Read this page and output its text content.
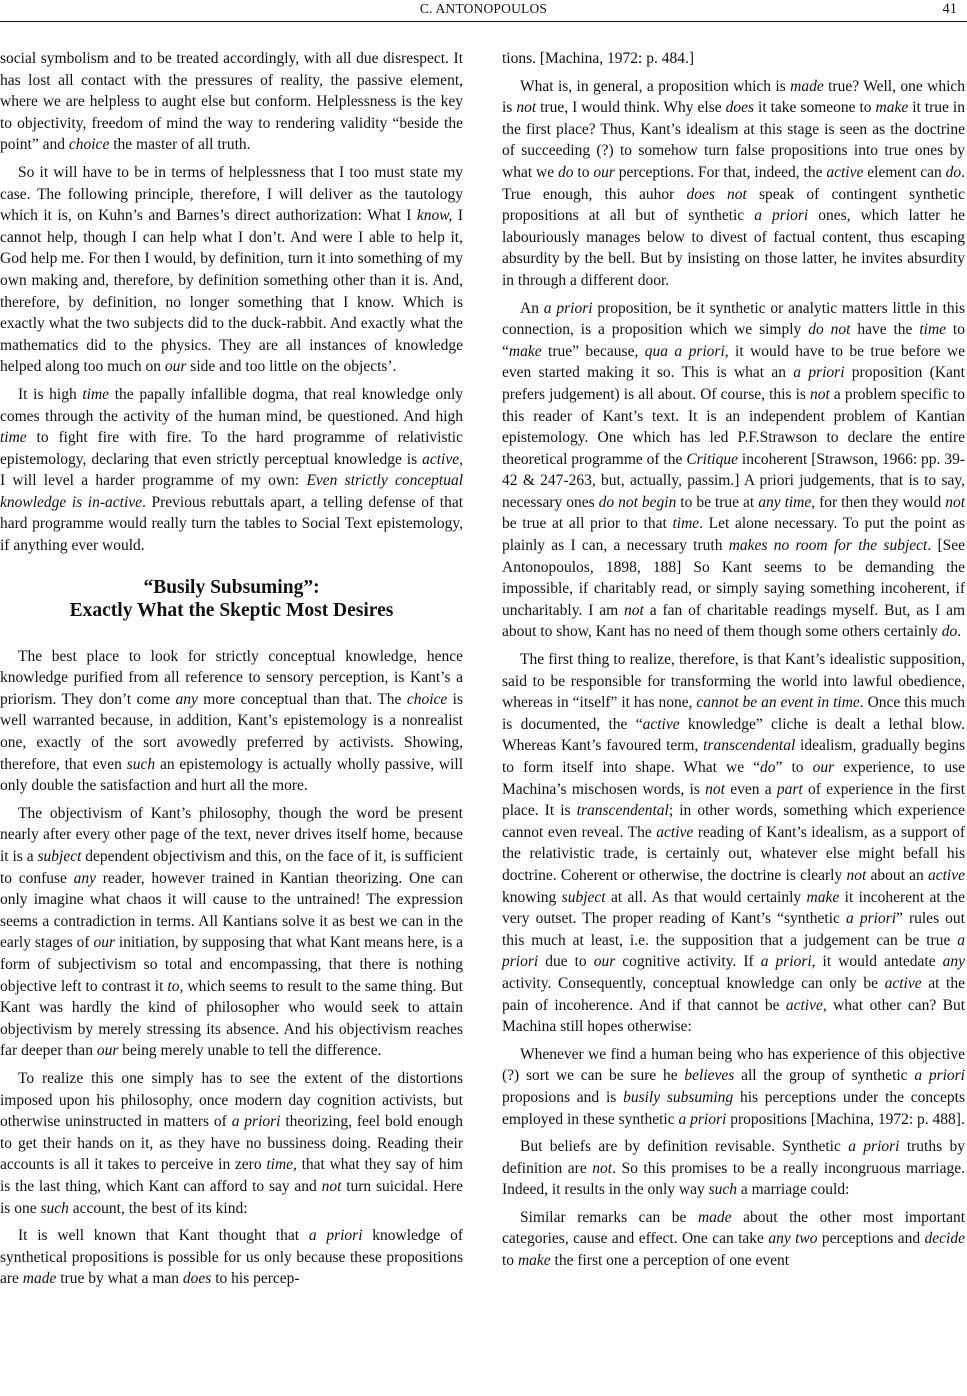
C. ANTONOPOULOS	41

social symbolism and to be treated accordingly, with all due disrespect. It has lost all contact with the pressures of reality, the passive element, where we are helpless to aught else but conform. Helplessness is the key to objectivity, freedom of mind the way to rendering validity “beside the point” and choice the master of all truth.

So it will have to be in terms of helplessness that I too must state my case. The following principle, therefore, I will deliver as the tautology which it is, on Kuhn’s and Barnes’s direct authorization: What I know, I cannot help, though I can help what I don’t. And were I able to help it, God help me. For then I would, by definition, turn it into something of my own making and, therefore, by definition something other than it is. And, therefore, by definition, no longer something that I know. Which is exactly what the two subjects did to the duck-rabbit. And exactly what the mathematics did to the physics. They are all instances of knowledge helped along too much on our side and too little on the objects’.

It is high time the papally infallible dogma, that real knowledge only comes through the activity of the human mind, be questioned. And high time to fight fire with fire. To the hard programme of relativistic epistemology, declaring that even strictly perceptual knowledge is active, I will level a harder programme of my own: Even strictly conceptual knowledge is in-active. Previous rebuttals apart, a telling defense of that hard programme would really turn the tables to Social Text epistemology, if anything ever would.

“Busily Subsuming”:
Exactly What the Skeptic Most Desires

The best place to look for strictly conceptual knowledge, hence knowledge purified from all reference to sensory perception, is Kant’s a priorism. They don’t come any more conceptual than that. The choice is well warranted because, in addition, Kant’s epistemology is a nonrealist one, exactly of the sort avowedly preferred by activists. Showing, therefore, that even such an epistemology is actually wholly passive, will only double the satisfaction and hurt all the more.

The objectivism of Kant’s philosophy, though the word be present nearly after every other page of the text, never drives itself home, because it is a subject dependent objectivism and this, on the face of it, is sufficient to confuse any reader, however trained in Kantian theorizing. One can only imagine what chaos it will cause to the untrained! The expression seems a contradiction in terms. All Kantians solve it as best we can in the early stages of our initiation, by supposing that what Kant means here, is a form of subjectivism so total and encompassing, that there is nothing objective left to contrast it to, which seems to result to the same thing. But Kant was hardly the kind of philosopher who would seek to attain objectivism by merely stressing its absence. And his objectivism reaches far deeper than our being merely unable to tell the difference.

To realize this one simply has to see the extent of the distortions imposed upon his philosophy, once modern day cognition activists, but otherwise uninstructed in matters of a priori theorizing, feel bold enough to get their hands on it, as they have no bussiness doing. Reading their accounts is all it takes to perceive in zero time, that what they say of him is the last thing, which Kant can afford to say and not turn suicidal. Here is one such account, the best of its kind:

It is well known that Kant thought that a priori knowledge of synthetical propositions is possible for us only because these propositions are made true by what a man does to his percep-

tions. [Machina, 1972: p. 484.]

What is, in general, a proposition which is made true? Well, one which is not true, I would think. Why else does it take someone to make it true in the first place? Thus, Kant’s idealism at this stage is seen as the doctrine of succeeding (?) to somehow turn false propositions into true ones by what we do to our perceptions. For that, indeed, the active element can do. True enough, this auhor does not speak of contingent synthetic propositions at all but of synthetic a priori ones, which latter he labouriously manages below to divest of factual content, thus escaping absurdity by the bell. But by insisting on those latter, he invites absurdity in through a different door.

An a priori proposition, be it synthetic or analytic matters little in this connection, is a proposition which we simply do not have the time to “make true” because, qua a priori, it would have to be true before we even started making it so. This is what an a priori proposition (Kant prefers judgement) is all about. Of course, this is not a problem specific to this reader of Kant’s text. It is an independent problem of Kantian epistemology. One which has led P.F.Strawson to declare the entire theoretical programme of the Critique incoherent [Strawson, 1966: pp. 39-42 & 247-263, but, actually, passim.] A priori judgements, that is to say, necessary ones do not begin to be true at any time, for then they would not be true at all prior to that time. Let alone necessary. To put the point as plainly as I can, a necessary truth makes no room for the subject. [See Antonopoulos, 1898, 188] So Kant seems to be demanding the impossible, if charitably read, or simply saying something incoherent, if uncharitably. I am not a fan of charitable readings myself. But, as I am about to show, Kant has no need of them though some others certainly do.

The first thing to realize, therefore, is that Kant’s idealistic supposition, said to be responsible for transforming the world into lawful obedience, whereas in “itself” it has none, cannot be an event in time. Once this much is documented, the “active knowledge” cliche is dealt a lethal blow. Whereas Kant’s favoured term, transcendental idealism, gradually begins to form itself into shape. What we “do” to our experience, to use Machina’s mischosen words, is not even a part of experience in the first place. It is transcendental; in other words, something which experience cannot even reveal. The active reading of Kant’s idealism, as a support of the relativistic trade, is certainly out, whatever else might befall his doctrine. Coherent or otherwise, the doctrine is clearly not about an active knowing subject at all. As that would certainly make it incoherent at the very outset. The proper reading of Kant’s “synthetic a priori” rules out this much at least, i.e. the supposition that a judgement can be true a priori due to our cognitive activity. If a priori, it would antedate any activity. Consequently, conceptual knowledge can only be active at the pain of incoherence. And if that cannot be active, what other can? But Machina still hopes otherwise:

Whenever we find a human being who has experience of this objective (?) sort we can be sure he believes all the group of synthetic a priori proposions and is busily subsuming his perceptions under the concepts employed in these synthetic a priori propositions [Machina, 1972: p. 488].

But beliefs are by definition revisable. Synthetic a priori truths by definition are not. So this promises to be a really incongruous marriage. Indeed, it results in the only way such a marriage could:

Similar remarks can be made about the other most important categories, cause and effect. One can take any two perceptions and decide to make the first one a perception of one event
